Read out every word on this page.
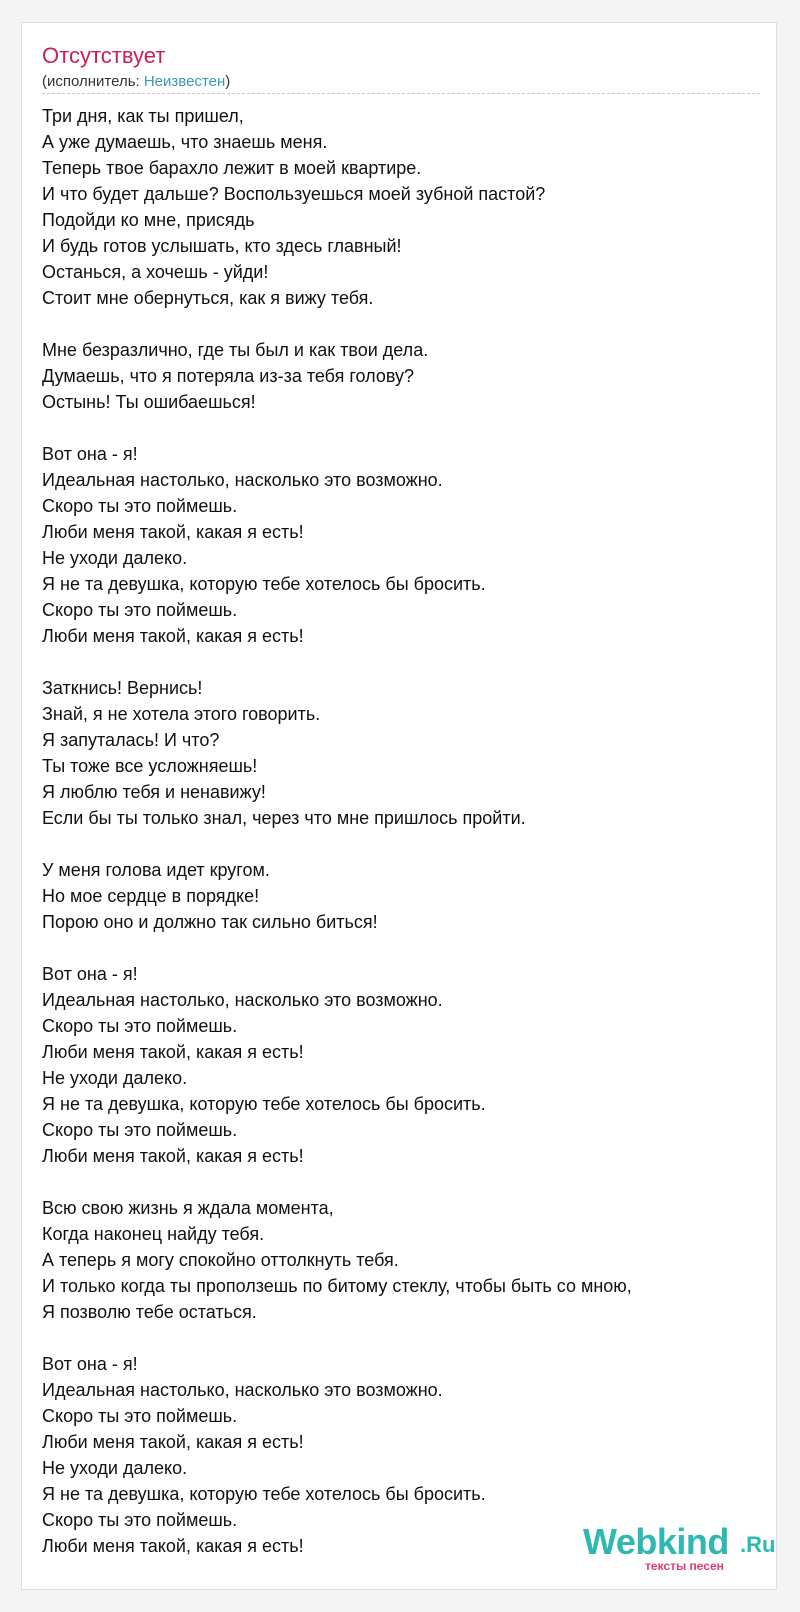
Отсутствует
(исполнитель: Неизвестен)
Три дня, как ты пришел,
А уже думаешь, что знаешь меня.
Теперь твое барахло лежит в моей квартире.
И что будет дальше? Воспользуешься моей зубной пастой?
Подойди ко мне, присядь
И будь готов услышать, кто здесь главный!
Останься, а хочешь - уйди!
Стоит мне обернуться, как я вижу тебя.
Мне безразлично, где ты был и как твои дела.
Думаешь, что я потеряла из-за тебя голову?
Остынь! Ты ошибаешься!
Вот она - я!
Идеальная настолько, насколько это возможно.
Скоро ты это поймешь.
Люби меня такой, какая я есть!
Не уходи далеко.
Я не та девушка, которую тебе хотелось бы бросить.
Скоро ты это поймешь.
Люби меня такой, какая я есть!
Заткнись! Вернись!
Знай, я не хотела этого говорить.
Я запуталась! И что?
Ты тоже все усложняешь!
Я люблю тебя и ненавижу!
Если бы ты только знал, через что мне пришлось пройти.
У меня голова идет кругом.
Но мое сердце в порядке!
Порою оно и должно так сильно биться!
Вот она - я!
Идеальная настолько, насколько это возможно.
Скоро ты это поймешь.
Люби меня такой, какая я есть!
Не уходи далеко.
Я не та девушка, которую тебе хотелось бы бросить.
Скоро ты это поймешь.
Люби меня такой, какая я есть!
Всю свою жизнь я ждала момента,
Когда наконец найду тебя.
А теперь я могу спокойно оттолкнуть тебя.
И только когда ты проползешь по битому стеклу, чтобы быть со мною,
Я позволю тебе остаться.
Вот она - я!
Идеальная настолько, насколько это возможно.
Скоро ты это поймешь.
Люби меня такой, какая я есть!
Не уходи далеко.
Я не та девушка, которую тебе хотелось бы бросить.
Скоро ты это поймешь.
Люби меня такой, какая я есть!	Webkind .Ru
тексты песен
